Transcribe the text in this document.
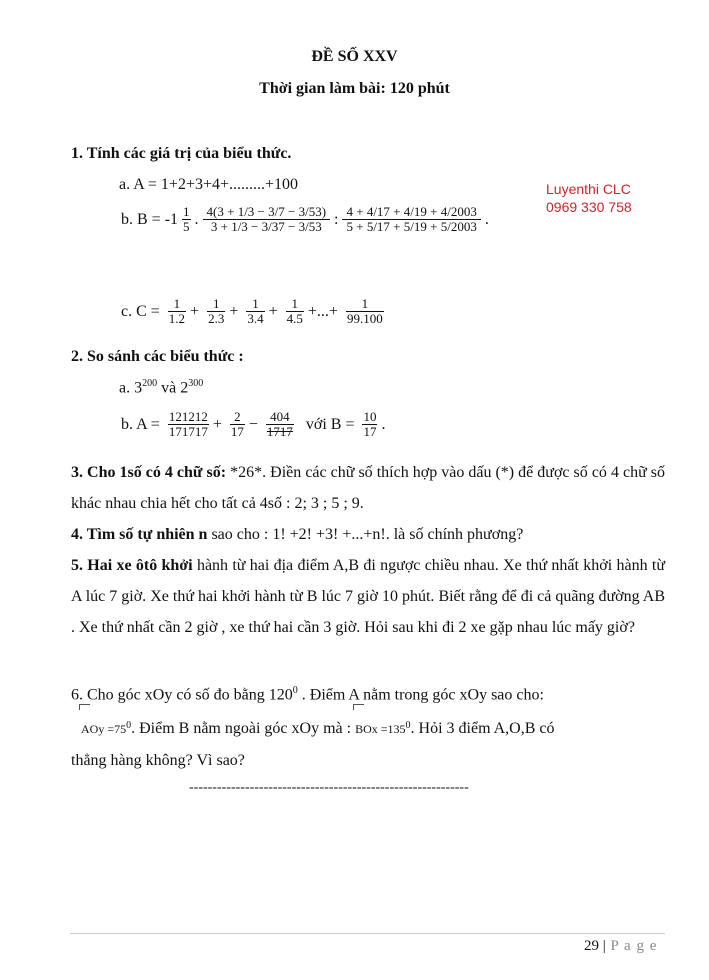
ĐỀ SỐ XXV
Thời gian làm bài: 120 phút
Luyenthi CLC
0969 330 758
1. Tính các giá trị của biểu thức.
a. A = 1+2+3+4+.........+100
b. $B = -1 \frac{1}{5}$ . $\frac{4(3 + 1/3 - 3/7 - 3/53)}{3 + 1/3 - 3/37 - 3/53}$ : $\frac{4 + 4/17 + 4/19 + 4/2003}{5 + 5/17 + 5/19 + 5/2003}$ .
c. $C = \frac{1}{1.2} + \frac{1}{2.3} + \frac{1}{3.4} + \frac{1}{4.5}$ +...+ $\frac{1}{99.100}$
2. So sánh các biểu thức :
a. $3^{200}$ và $2^{300}$
b. $A = \frac{121212}{171717} + \frac{2}{17} - \frac{404}{1717}$ với $B = \frac{10}{17}$ .
3. Cho 1số có 4 chữ số: *26*. Điền các chữ số thích hợp vào dấu (*) để được số có 4 chữ số khác nhau chia hết cho tất cả 4số : 2; 3 ; 5 ; 9.
4. Tìm số tự nhiên n sao cho : 1! +2! +3! +...+n!. là số chính phương?
5. Hai xe ôtô khởi hành từ hai địa điểm A,B đi ngược chiều nhau. Xe thứ nhất khởi hành từ A lúc 7 giờ. Xe thứ hai khởi hành từ B lúc 7 giờ 10 phút. Biết rằng để đi cả quãng đường AB . Xe thứ nhất cần 2 giờ , xe thứ hai cần 3 giờ. Hỏi sau khi đi 2 xe gặp nhau lúc mấy giờ?
6. Cho góc xOy có số đo bằng $120^0$ . Điểm A nằm trong góc xOy sao cho:
AOy $=75^0$. Điểm B nằm ngoài góc xOy mà : BOx $=135^0$. Hỏi 3 điểm A,O,B có
thẳng hàng không? Vì sao?
------------------------------------------------------------
29 | P a g e
